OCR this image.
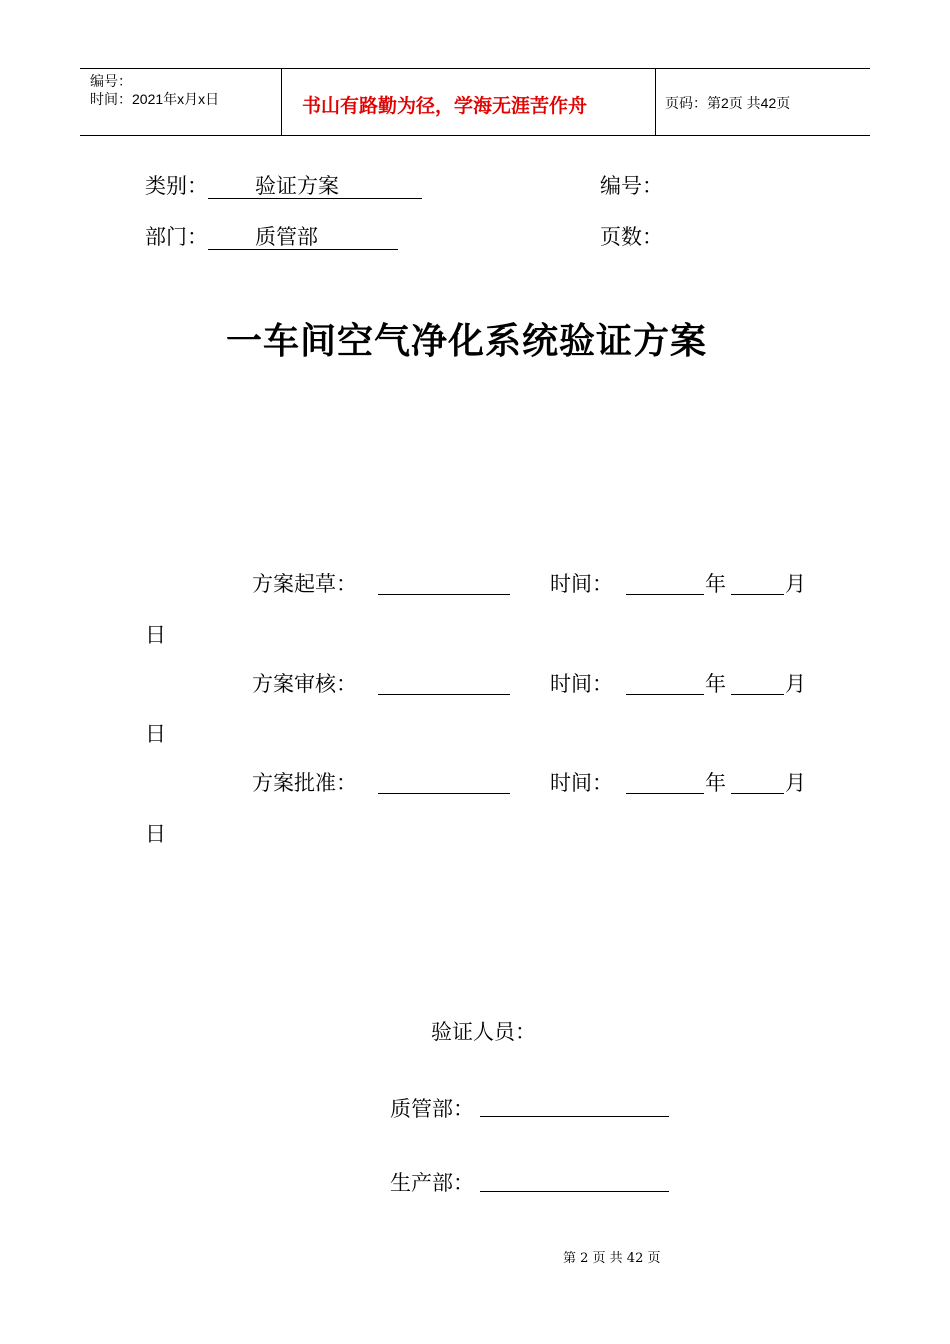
编号：
时间：2021年x月x日	书山有路勤为径，学海无涯苦作舟	页码：第2页 共42页
类别： 验证方案	编号：
部门： 质管部	页数：
一车间空气净化系统验证方案
方案起草：	时间：	年	月
日
方案审核：	时间：	年	月
日
方案批准：	时间：	年	月
日
验证人员：
质管部：
生产部：
第 2 页 共 42 页
